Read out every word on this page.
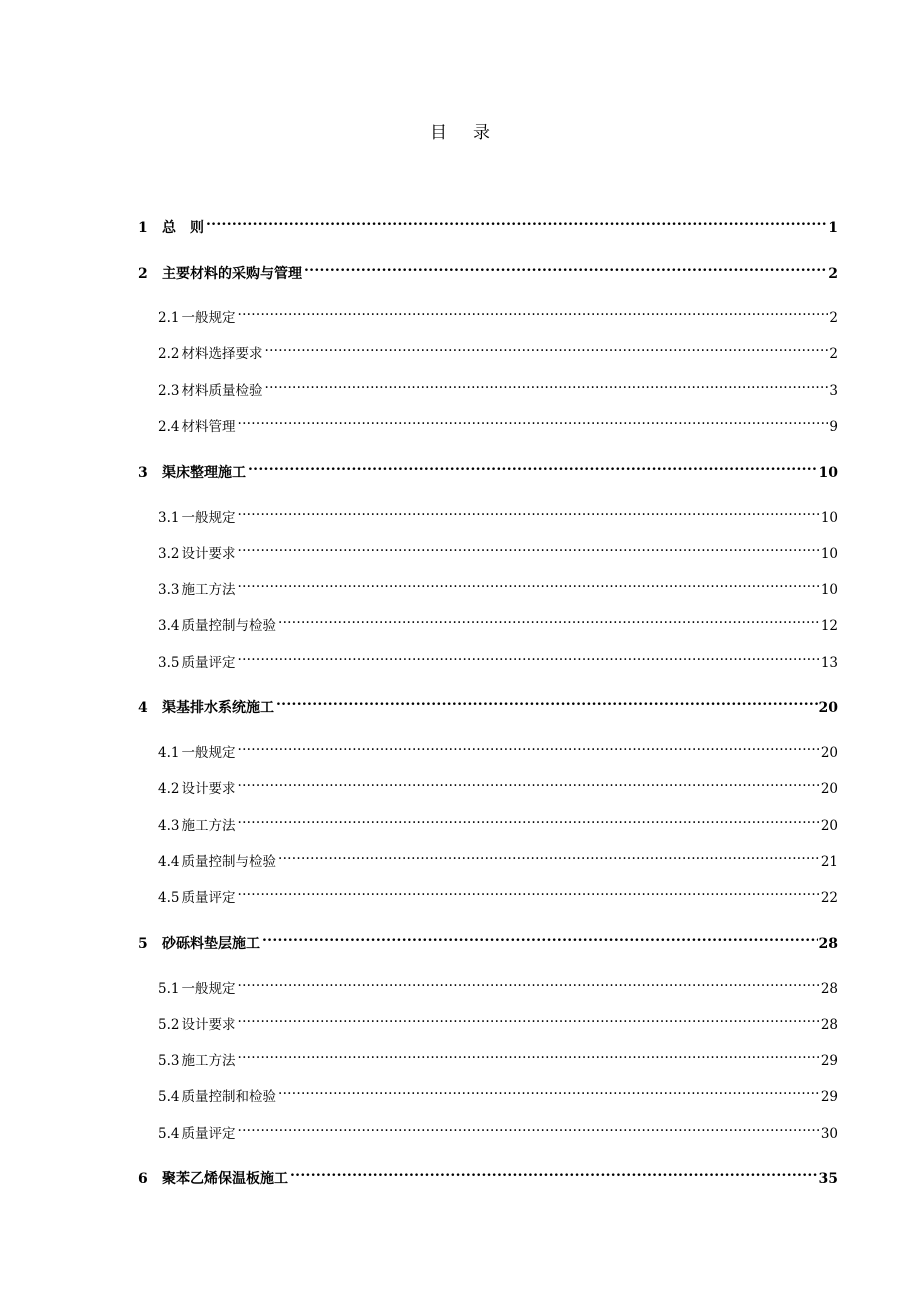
目 录
1	总　则 .....	1
2	主要材料的采购与管理 .....	2
2.1 一般规定 .....	2
2.2 材料选择要求 .....	2
2.3 材料质量检验 .....	3
2.4 材料管理 .....	9
3	渠床整理施工 .....	10
3.1 一般规定 .....	10
3.2 设计要求 .....	10
3.3 施工方法 .....	10
3.4 质量控制与检验 .....	12
3.5 质量评定 .....	13
4	渠基排水系统施工 .....	20
4.1 一般规定 .....	20
4.2 设计要求 .....	20
4.3 施工方法 .....	20
4.4 质量控制与检验 .....	21
4.5 质量评定 .....	22
5	砂砾料垫层施工 .....	28
5.1 一般规定 .....	28
5.2 设计要求 .....	28
5.3 施工方法 .....	29
5.4 质量控制和检验 .....	29
5.4 质量评定 .....	30
6	聚苯乙烯保温板施工 .....	35
